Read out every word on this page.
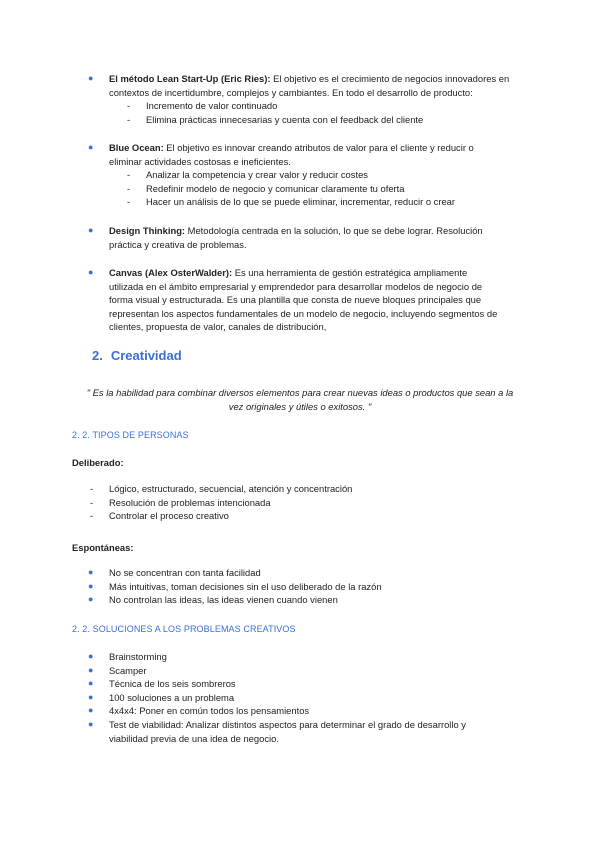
● El método Lean Start-Up (Eric Ries): El objetivo es el crecimiento de negocios innovadores en
contextos de incertidumbre, complejos y cambiantes. En todo el desarrollo de producto:
- Incremento de valor continuado
- Elimina prácticas innecesarias y cuenta con el feedback del cliente
● Blue Ocean: El objetivo es innovar creando atributos de valor para el cliente y reducir o
eliminar actividades costosas e ineficientes.
- Analizar la competencia y crear valor y reducir costes
- Redefinir modelo de negocio y comunicar claramente tu oferta
- Hacer un análisis de lo que se puede eliminar, incrementar, reducir o crear
● Design Thinking: Metodología centrada en la solución, lo que se debe lograr. Resolución
práctica y creativa de problemas.
● Canvas (Alex OsterWalder): Es una herramienta de gestión estratégica ampliamente
utilizada en el ámbito empresarial y emprendedor para desarrollar modelos de negocio de
forma visual y estructurada. Es una plantilla que consta de nueve bloques principales que
representan los aspectos fundamentales de un modelo de negocio, incluyendo segmentos de
clientes, propuesta de valor, canales de distribución,
2. Creatividad
" Es la habilidad para combinar diversos elementos para crear nuevas ideas o productos que sean a la
vez originales y útiles o exitosos. "
2. 2. TIPOS DE PERSONAS
Deliberado:
- Lógico, estructurado, secuencial, atención y concentración
- Resolución de problemas intencionada
- Controlar el proceso creativo
Espontáneas:
● No se concentran con tanta facilidad
● Más intuitivas, toman decisiones sin el uso deliberado de la razón
● No controlan las ideas, las ideas vienen cuando vienen
2. 2. SOLUCIONES A LOS PROBLEMAS CREATIVOS
● Brainstorming
● Scamper
● Técnica de los seis sombreros
● 100 soluciones a un problema
● 4x4x4: Poner en común todos los pensamientos
● Test de viabilidad: Analizar distintos aspectos para determinar el grado de desarrollo y
viabilidad previa de una idea de negocio.
